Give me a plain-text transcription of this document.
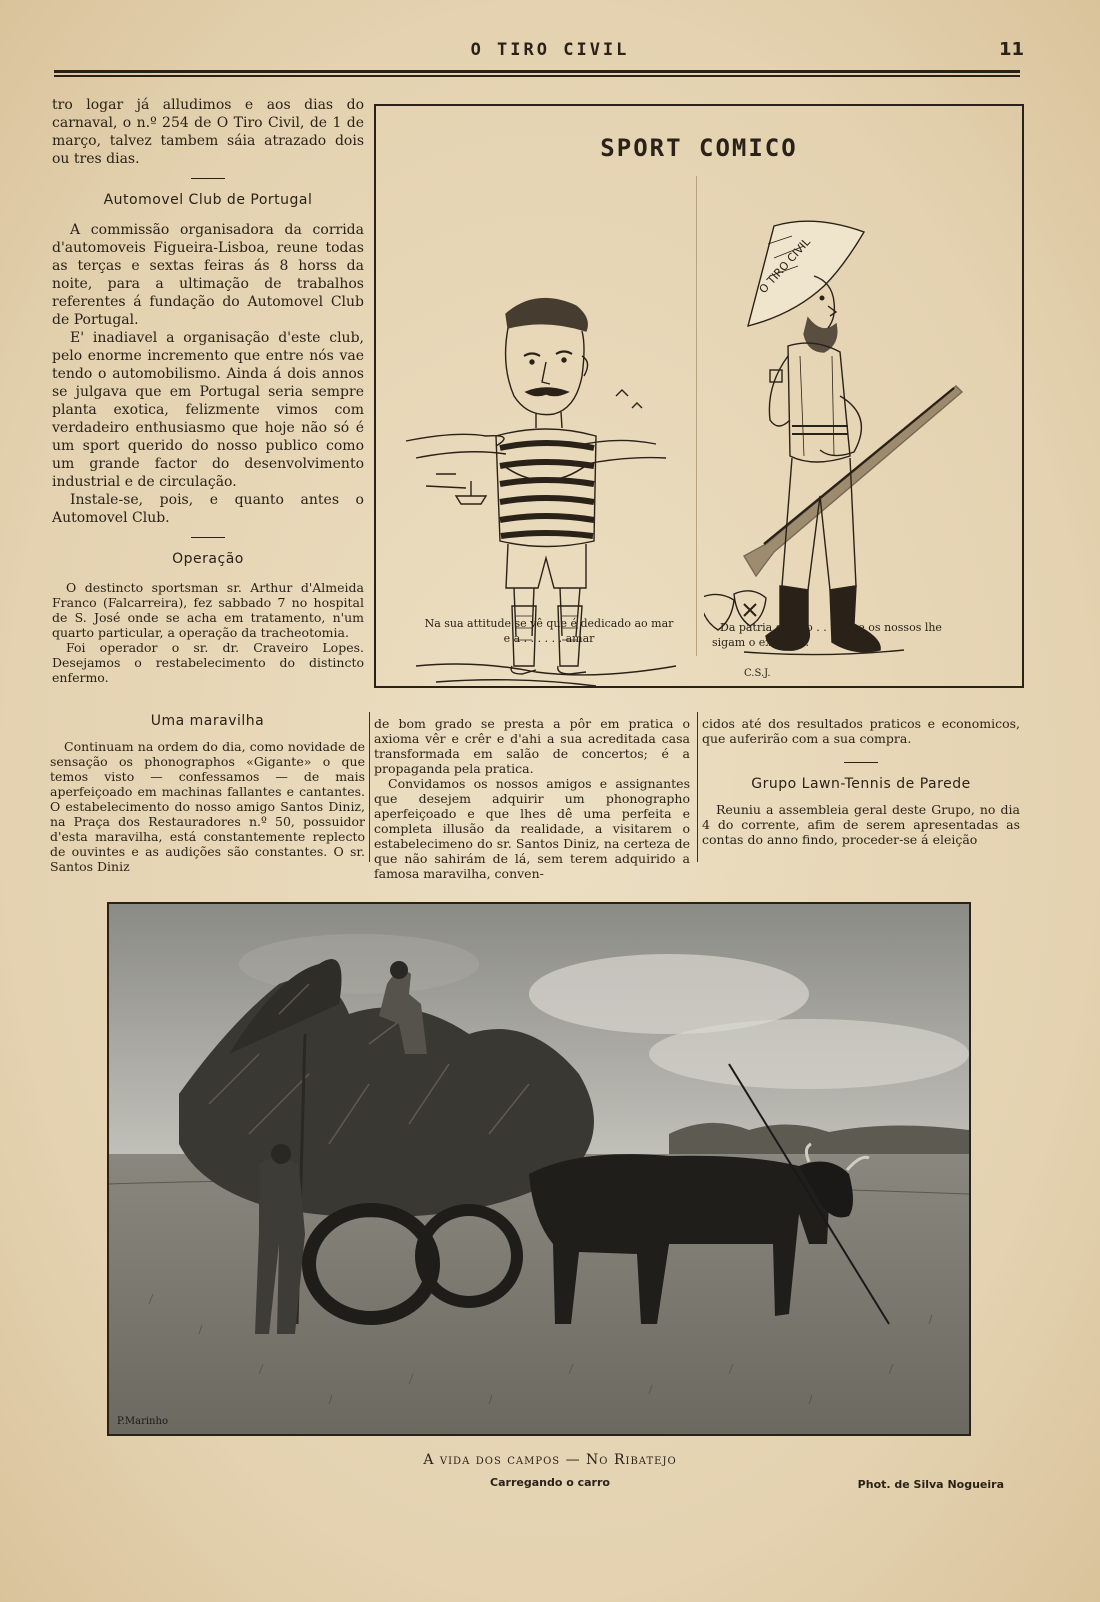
O TIRO CIVIL	11

tro logar já alludimos e aos dias do carnaval, o n.º 254 de O Tiro Civil, de 1 de março, talvez tambem sáia atrazado dois ou tres dias.

Automovel Club de Portugal

A commissão organisadora da corrida d'automoveis Figueira-Lisboa, reune todas as terças e sextas feiras ás 8 horss da noite, para a ultimação de trabalhos referentes á fundação do Automovel Club de Portugal.

E' inadiavel a organisação d'este club, pelo enorme incremento que entre nós vae tendo o automobilismo. Ainda á dois annos se julgava que em Portugal seria sempre planta exotica, felizmente vimos com verdadeiro enthusiasmo que hoje não só é um sport querido do nosso publico como um grande factor do desenvolvimento industrial e de circulação.

Instale-se, pois, e quanto antes o Automovel Club.

Operação

O destincto sportsman sr. Arthur d'Almeida Franco (Falcarreira), fez sabbado 7 no hospital de S. José onde se acha em tratamento, n'um quarto particular, a operação da tracheotomia.

Foi operador o sr. dr. Craveiro Lopes. Desejamos o restabelecimento do distincto enfermo.

SPORT COMICO
O TIRO CIVIL
C.S.J.
Na sua attitude se vê que é dedicado ao mar
e a . . . . . . amar
Da patria do tiro . . . . que os nossos lhe
sigam o exemplo.
Uma maravilha

Continuam na ordem do dia, como novidade de sensação os phonographos «Gigante» o que temos visto — confessamos — de mais aperfeiçoado em machinas fallantes e cantantes. O estabelecimento do nosso amigo Santos Diniz, na Praça dos Restauradores n.º 50, possuidor d'esta maravilha, está constantemente replecto de ouvintes e as audições são constantes. O sr. Santos Diniz

de bom grado se presta a pôr em pratica o axioma vêr e crêr e d'ahi a sua acreditada casa transformada em salão de concertos; é a propaganda pela pratica.

Convidamos os nossos amigos e assignantes que desejem adquirir um phonographo aperfeiçoado e que lhes dê uma perfeita e completa illusão da realidade, a visitarem o estabelecimeno do sr. Santos Diniz, na certeza de que não sahirám de lá, sem terem adquirido a famosa maravilha, conven-

cidos até dos resultados praticos e economicos, que auferirão com a sua compra.

Grupo Lawn-Tennis de Parede

Reuniu a assembleia geral deste Grupo, no dia 4 do corrente, afim de serem apresentadas as contas do anno findo, proceder-se á eleição

P.Marinho
A vida dos campos — No Ribatejo
Carregando o carro	Phot. de Silva Nogueira
